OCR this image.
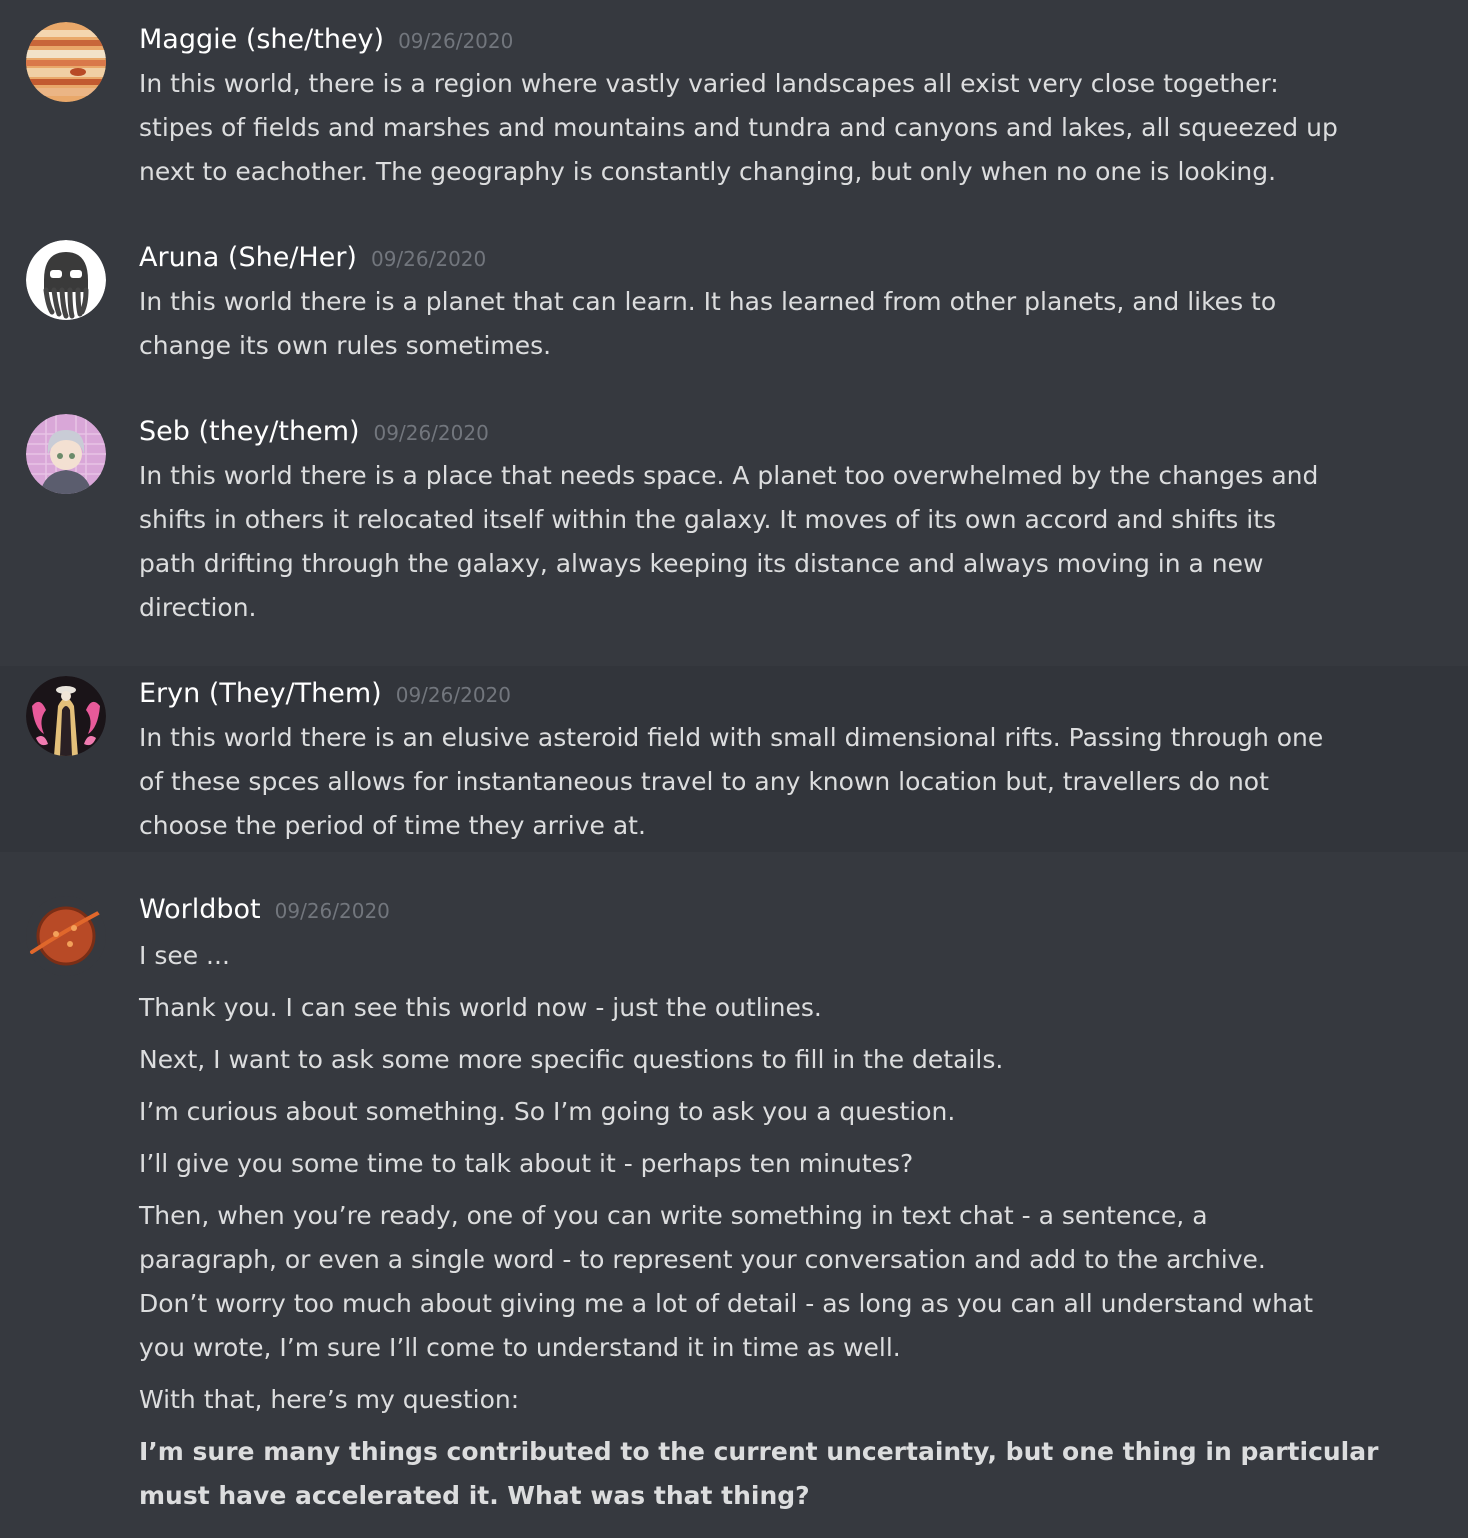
Maggie (she/they) 09/26/2020
In this world, there is a region where vastly varied landscapes all exist very close together:
stipes of fields and marshes and mountains and tundra and canyons and lakes, all squeezed up
next to eachother. The geography is constantly changing, but only when no one is looking.
Aruna (She/Her) 09/26/2020
In this world there is a planet that can learn. It has learned from other planets, and likes to
change its own rules sometimes.
Seb (they/them) 09/26/2020
In this world there is a place that needs space. A planet too overwhelmed by the changes and
shifts in others it relocated itself within the galaxy. It moves of its own accord and shifts its
path drifting through the galaxy, always keeping its distance and always moving in a new
direction.
Eryn (They/Them) 09/26/2020
In this world there is an elusive asteroid field with small dimensional rifts. Passing through one
of these spces allows for instantaneous travel to any known location but, travellers do not
choose the period of time they arrive at.
Worldbot 09/26/2020
I see ...
Thank you. I can see this world now - just the outlines.
Next, I want to ask some more specific questions to fill in the details.
I’m curious about something. So I’m going to ask you a question.
I’ll give you some time to talk about it - perhaps ten minutes?
Then, when you’re ready, one of you can write something in text chat - a sentence, a
paragraph, or even a single word - to represent your conversation and add to the archive.
Don’t worry too much about giving me a lot of detail - as long as you can all understand what
you wrote, I’m sure I’ll come to understand it in time as well.
With that, here’s my question:
I’m sure many things contributed to the current uncertainty, but one thing in particular
must have accelerated it. What was that thing?
